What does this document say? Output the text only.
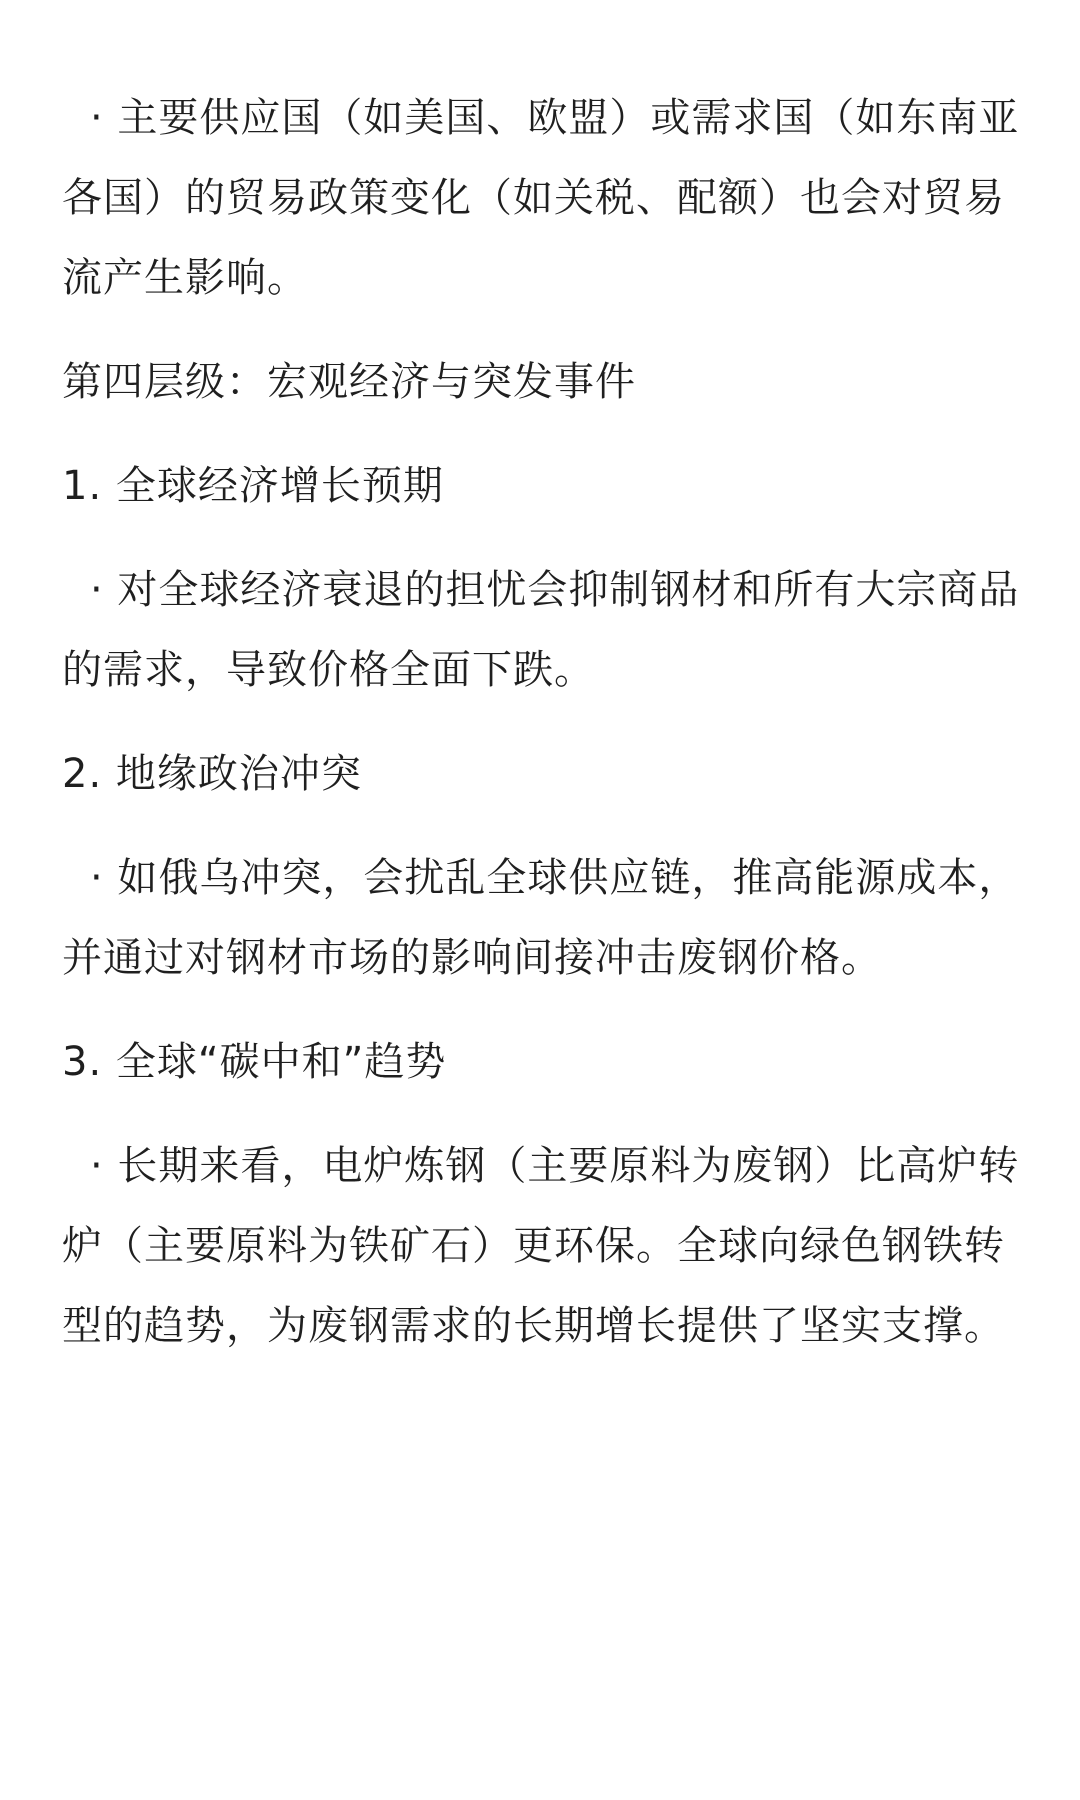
· 主要供应国（如美国、欧盟）或需求国（如东南亚各国）的贸易政策变化（如关税、配额）也会对贸易流产生影响。

第四层级：宏观经济与突发事件

1. 全球经济增长预期

· 对全球经济衰退的担忧会抑制钢材和所有大宗商品的需求，导致价格全面下跌。

2. 地缘政治冲突

· 如俄乌冲突，会扰乱全球供应链，推高能源成本，并通过对钢材市场的影响间接冲击废钢价格。

3. 全球“碳中和”趋势

· 长期来看，电炉炼钢（主要原料为废钢）比高炉转炉（主要原料为铁矿石）更环保。全球向绿色钢铁转型的趋势，为废钢需求的长期增长提供了坚实支撑。
